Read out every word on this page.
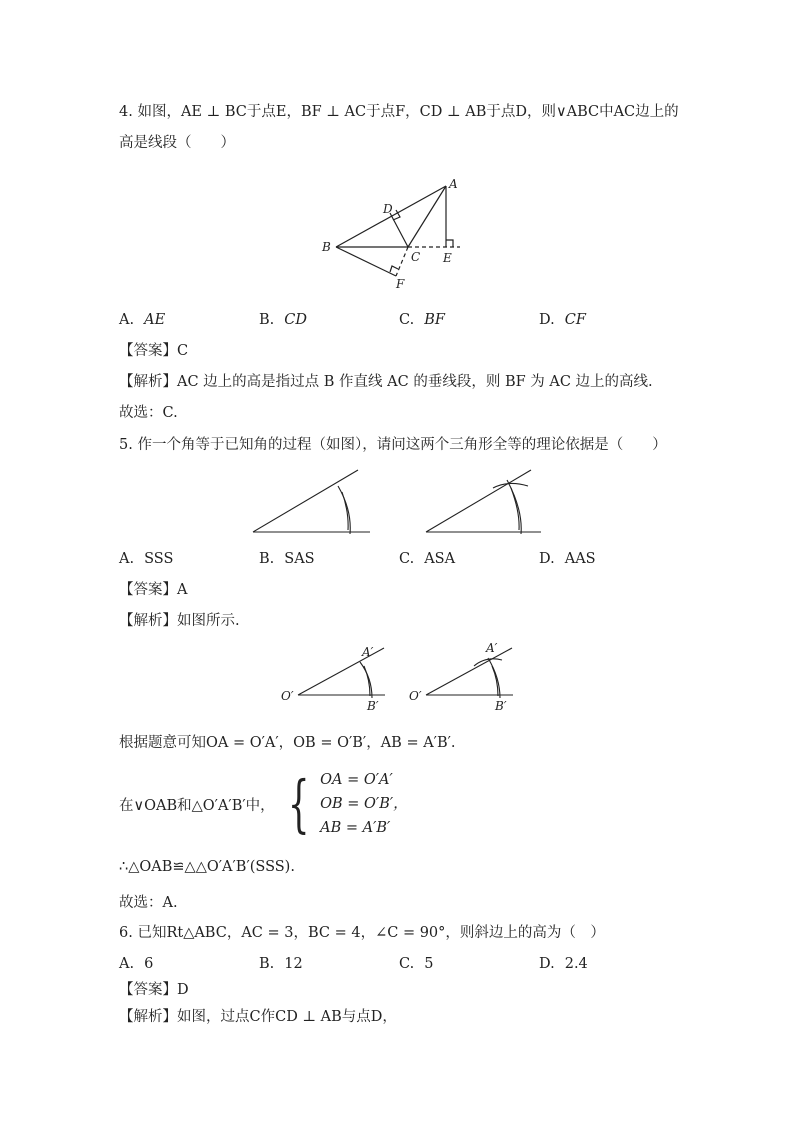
4. 如图，AE ⊥ BC于点E，BF ⊥ AC于点F，CD ⊥ AB于点D，则∨ABC中AC边上的
高是线段（　　）
A
B
C
D
E
F
A. AE	B. CD	C. BF	D. CF
【答案】C
【解析】AC 边上的高是指过点 B 作直线 AC 的垂线段，则 BF 为 AC 边上的高线.
故选：C.
5. 作一个角等于已知角的过程（如图），请问这两个三角形全等的理论依据是（　　）
A. SSS	B. SAS	C. ASA	D. AAS
【答案】A
【解析】如图所示.
O′
A′
B′
O′
A′
B′
根据题意可知OA = O′A′，OB = O′B′，AB = A′B′.
在∨OAB和△O′A′B′中， { OA = O′A′
OB = O′B′，
AB = A′B′
∴△OAB≌△△O′A′B′(SSS).
故选：A.
6. 已知Rt△ABC，AC = 3，BC = 4，∠C = 90°，则斜边上的高为（　）
A. 6	B. 12	C. 5	D. 2.4
【答案】D
【解析】如图，过点C作CD ⊥ AB与点D，
